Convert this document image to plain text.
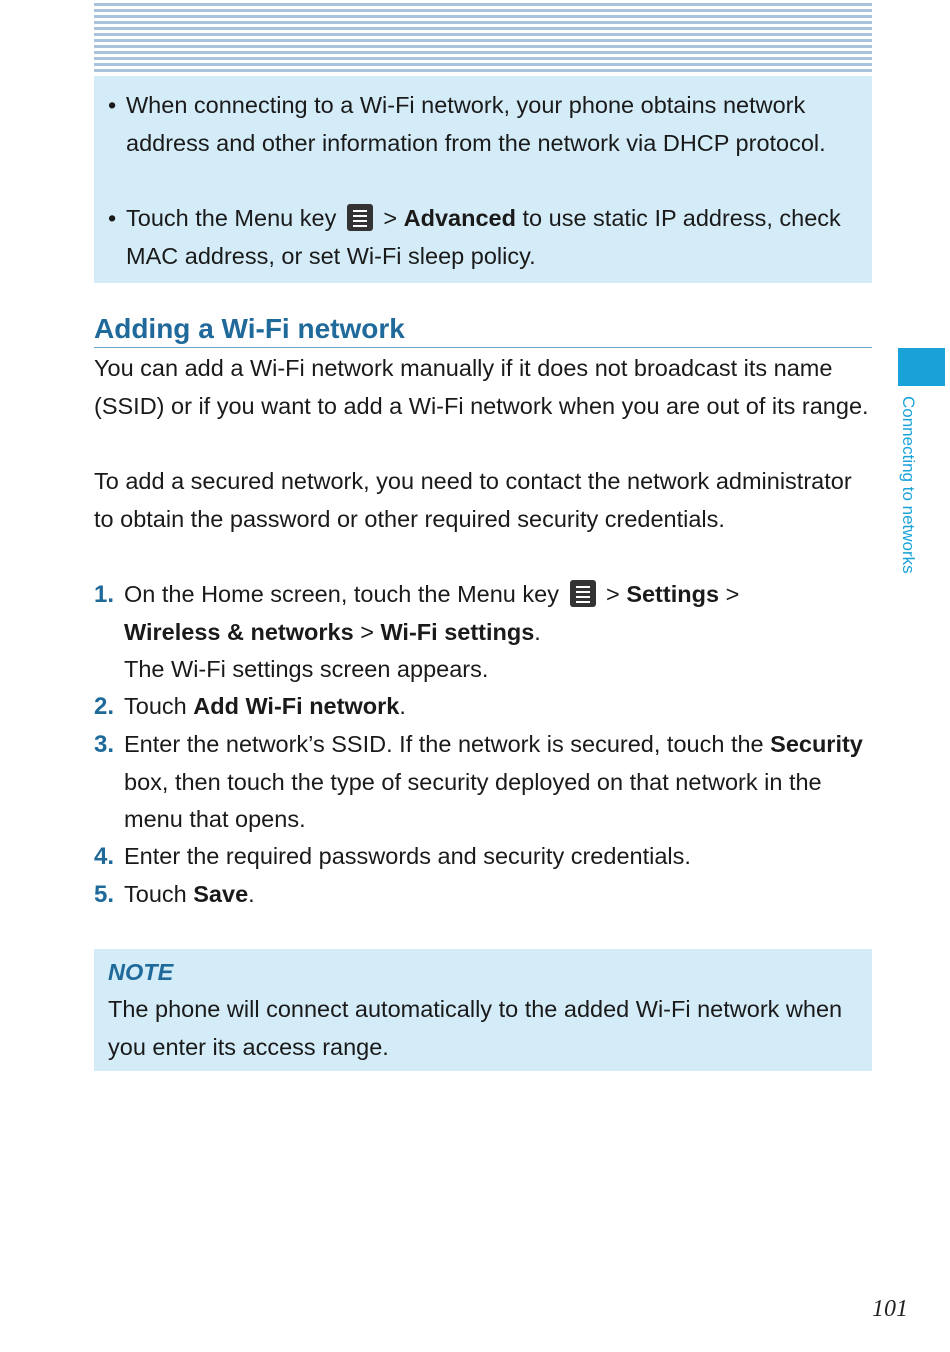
• When connecting to a Wi-Fi network, your phone obtains network address and other information from the network via DHCP protocol.
• Touch the Menu key > Advanced to use static IP address, check MAC address, or set Wi-Fi sleep policy.
Adding a Wi-Fi network
You can add a Wi-Fi network manually if it does not broadcast its name (SSID) or if you want to add a Wi-Fi network when you are out of its range.
To add a secured network, you need to contact the network administrator to obtain the password or other required security credentials.
1. On the Home screen, touch the Menu key > Settings >
Wireless & networks > Wi-Fi settings.
The Wi-Fi settings screen appears.
2. Touch Add Wi-Fi network.
3. Enter the network’s SSID. If the network is secured, touch the Security box, then touch the type of security deployed on that network in the menu that opens.
4. Enter the required passwords and security credentials.
5. Touch Save.
NOTE
The phone will connect automatically to the added Wi-Fi network when you enter its access range.
Connecting to networks
101
